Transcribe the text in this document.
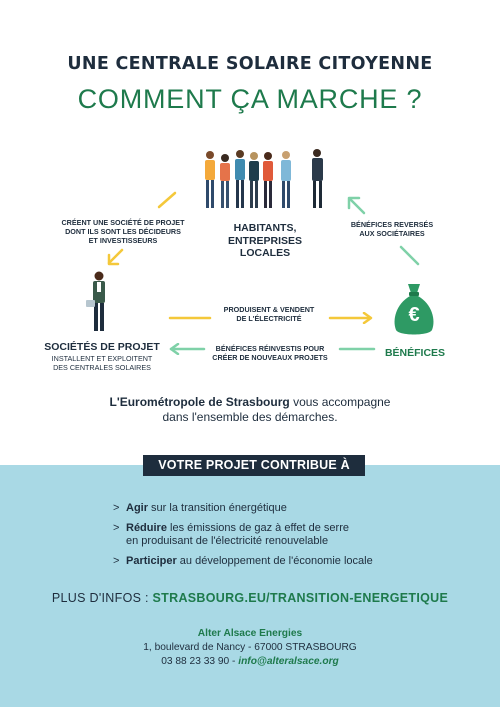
UNE CENTRALE SOLAIRE CITOYENNE
COMMENT ÇA MARCHE ?
HABITANTS,
ENTREPRISES
LOCALES
CRÉENT UNE SOCIÉTÉ DE PROJET
DONT ILS SONT LES DÉCIDEURS
ET INVESTISSEURS
BÉNÉFICES REVERSÉS
AUX SOCIÉTAIRES
SOCIÉTÉS DE PROJET
INSTALLENT ET EXPLOITENT
DES CENTRALES SOLAIRES
PRODUISENT & VENDENT
DE L'ÉLECTRICITÉ
BÉNÉFICES RÉINVESTIS POUR
CRÉER DE NOUVEAUX PROJETS
€
BÉNÉFICES
L'Eurométropole de Strasbourg vous accompagne
dans l'ensemble des démarches.
VOTRE PROJET CONTRIBUE À
> Agir sur la transition énergétique
> Réduire les émissions de gaz à effet de serre
en produisant de l'électricité renouvelable
> Participer au développement de l'économie locale
PLUS D'INFOS : STRASBOURG.EU/TRANSITION-ENERGETIQUE
Alter Alsace Energies
1, boulevard de Nancy - 67000 STRASBOURG
03 88 23 33 90 - info@alteralsace.org
